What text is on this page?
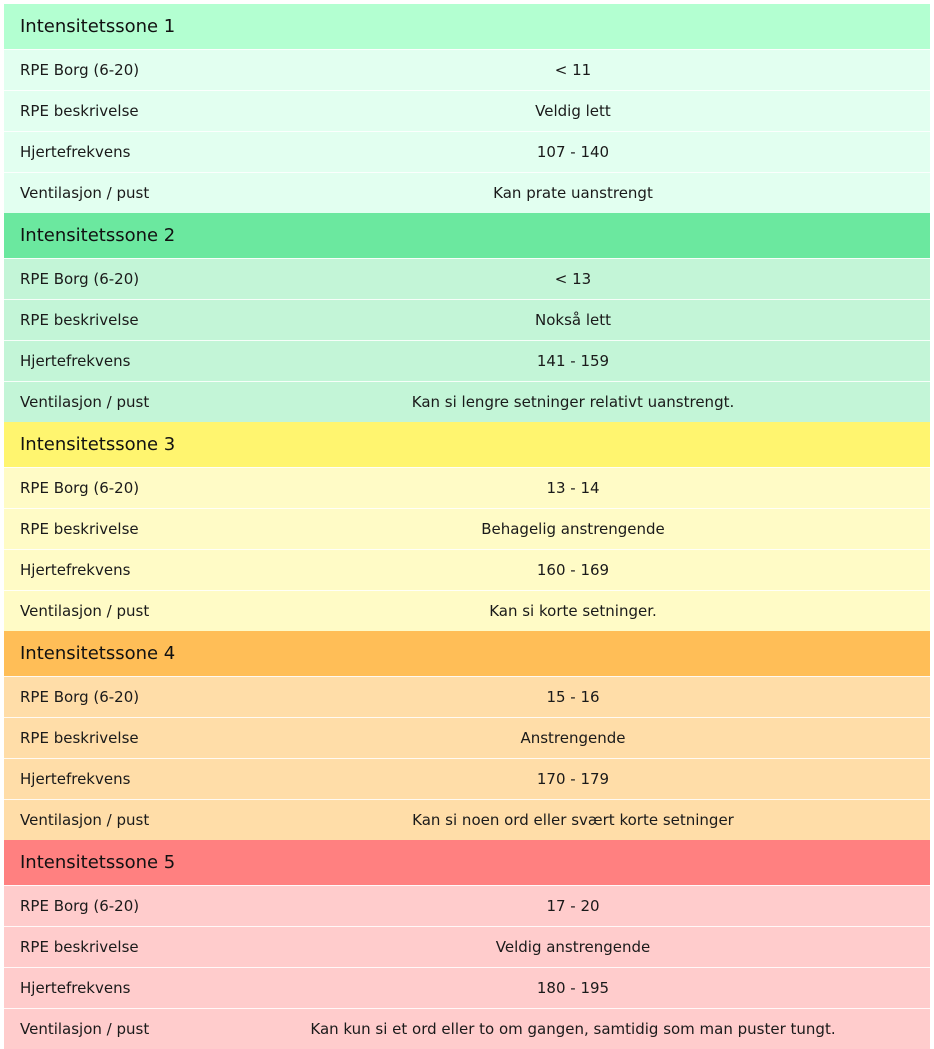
Intensitetssone 1
RPE Borg (6-20)	< 11
RPE beskrivelse	Veldig lett
Hjertefrekvens	107 - 140
Ventilasjon / pust	Kan prate uanstrengt
Intensitetssone 2
RPE Borg (6-20)	< 13
RPE beskrivelse	Nokså lett
Hjertefrekvens	141 - 159
Ventilasjon / pust	Kan si lengre setninger relativt uanstrengt.
Intensitetssone 3
RPE Borg (6-20)	13 - 14
RPE beskrivelse	Behagelig anstrengende
Hjertefrekvens	160 - 169
Ventilasjon / pust	Kan si korte setninger.
Intensitetssone 4
RPE Borg (6-20)	15 - 16
RPE beskrivelse	Anstrengende
Hjertefrekvens	170 - 179
Ventilasjon / pust	Kan si noen ord eller svært korte setninger
Intensitetssone 5
RPE Borg (6-20)	17 - 20
RPE beskrivelse	Veldig anstrengende
Hjertefrekvens	180 - 195
Ventilasjon / pust	Kan kun si et ord eller to om gangen, samtidig som man puster tungt.
